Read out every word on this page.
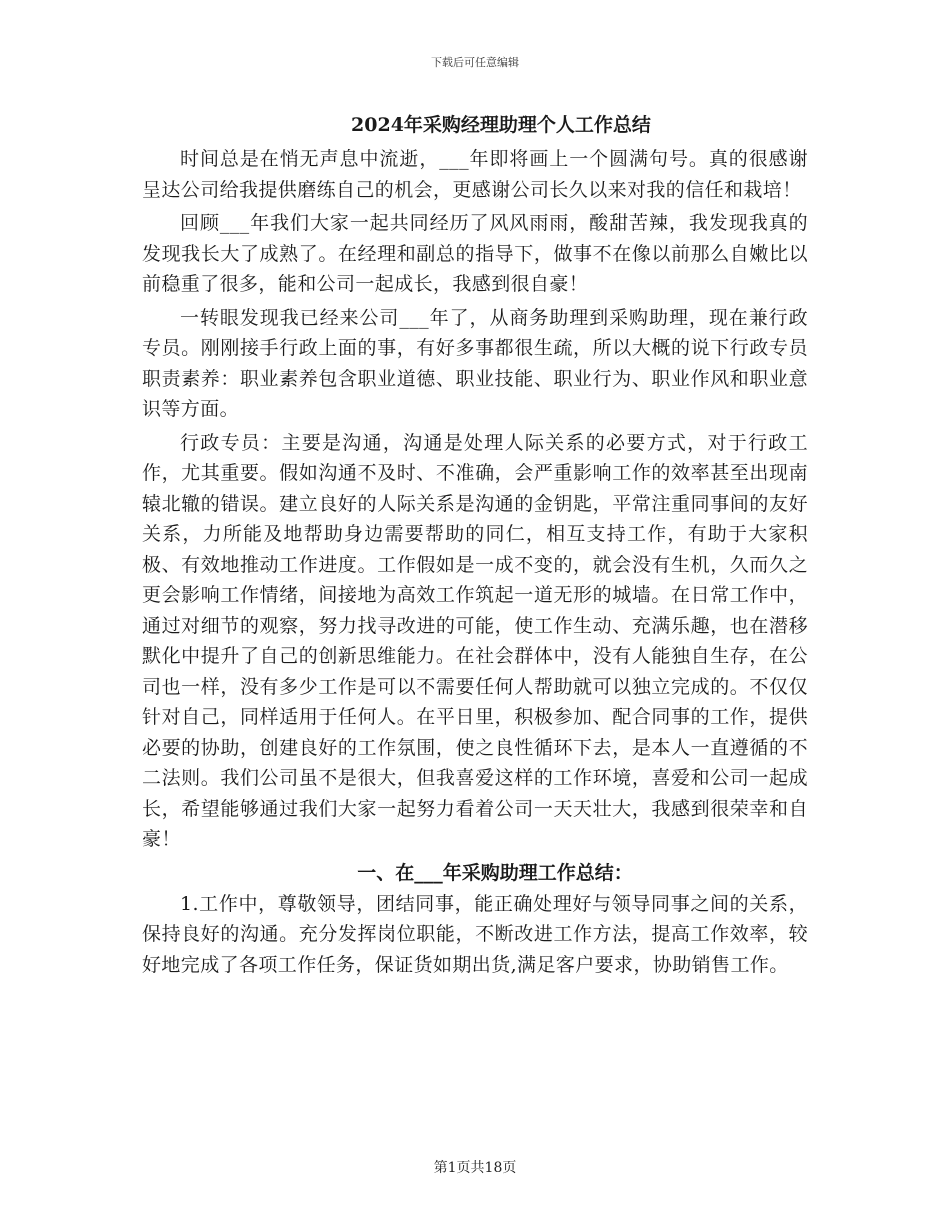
下载后可任意编辑
2024年采购经理助理个人工作总结

时间总是在悄无声息中流逝，___年即将画上一个圆满句号。真的很感谢呈达公司给我提供磨练自己的机会，更感谢公司长久以来对我的信任和栽培！

回顾___年我们大家一起共同经历了风风雨雨，酸甜苦辣，我发现我真的发现我长大了成熟了。在经理和副总的指导下，做事不在像以前那么自嫩比以前稳重了很多，能和公司一起成长，我感到很自豪！

一转眼发现我已经来公司___年了，从商务助理到采购助理，现在兼行政专员。刚刚接手行政上面的事，有好多事都很生疏，所以大概的说下行政专员职责素养：职业素养包含职业道德、职业技能、职业行为、职业作风和职业意识等方面。

行政专员：主要是沟通，沟通是处理人际关系的必要方式，对于行政工作，尤其重要。假如沟通不及时、不准确，会严重影响工作的效率甚至出现南辕北辙的错误。建立良好的人际关系是沟通的金钥匙，平常注重同事间的友好关系，力所能及地帮助身边需要帮助的同仁，相互支持工作，有助于大家积极、有效地推动工作进度。工作假如是一成不变的，就会没有生机，久而久之更会影响工作情绪，间接地为高效工作筑起一道无形的城墙。在日常工作中，通过对细节的观察，努力找寻改进的可能，使工作生动、充满乐趣，也在潜移默化中提升了自己的创新思维能力。在社会群体中，没有人能独自生存，在公司也一样，没有多少工作是可以不需要任何人帮助就可以独立完成的。不仅仅针对自己，同样适用于任何人。在平日里，积极参加、配合同事的工作，提供必要的协助，创建良好的工作氛围，使之良性循环下去，是本人一直遵循的不二法则。我们公司虽不是很大，但我喜爱这样的工作环境，喜爱和公司一起成长，希望能够通过我们大家一起努力看着公司一天天壮大，我感到很荣幸和自豪！

一、在___年采购助理工作总结：

1.工作中，尊敬领导，团结同事，能正确处理好与领导同事之间的关系，保持良好的沟通。充分发挥岗位职能，不断改进工作方法，提高工作效率，较好地完成了各项工作任务，保证货如期出货,满足客户要求，协助销售工作。

第1页共18页
